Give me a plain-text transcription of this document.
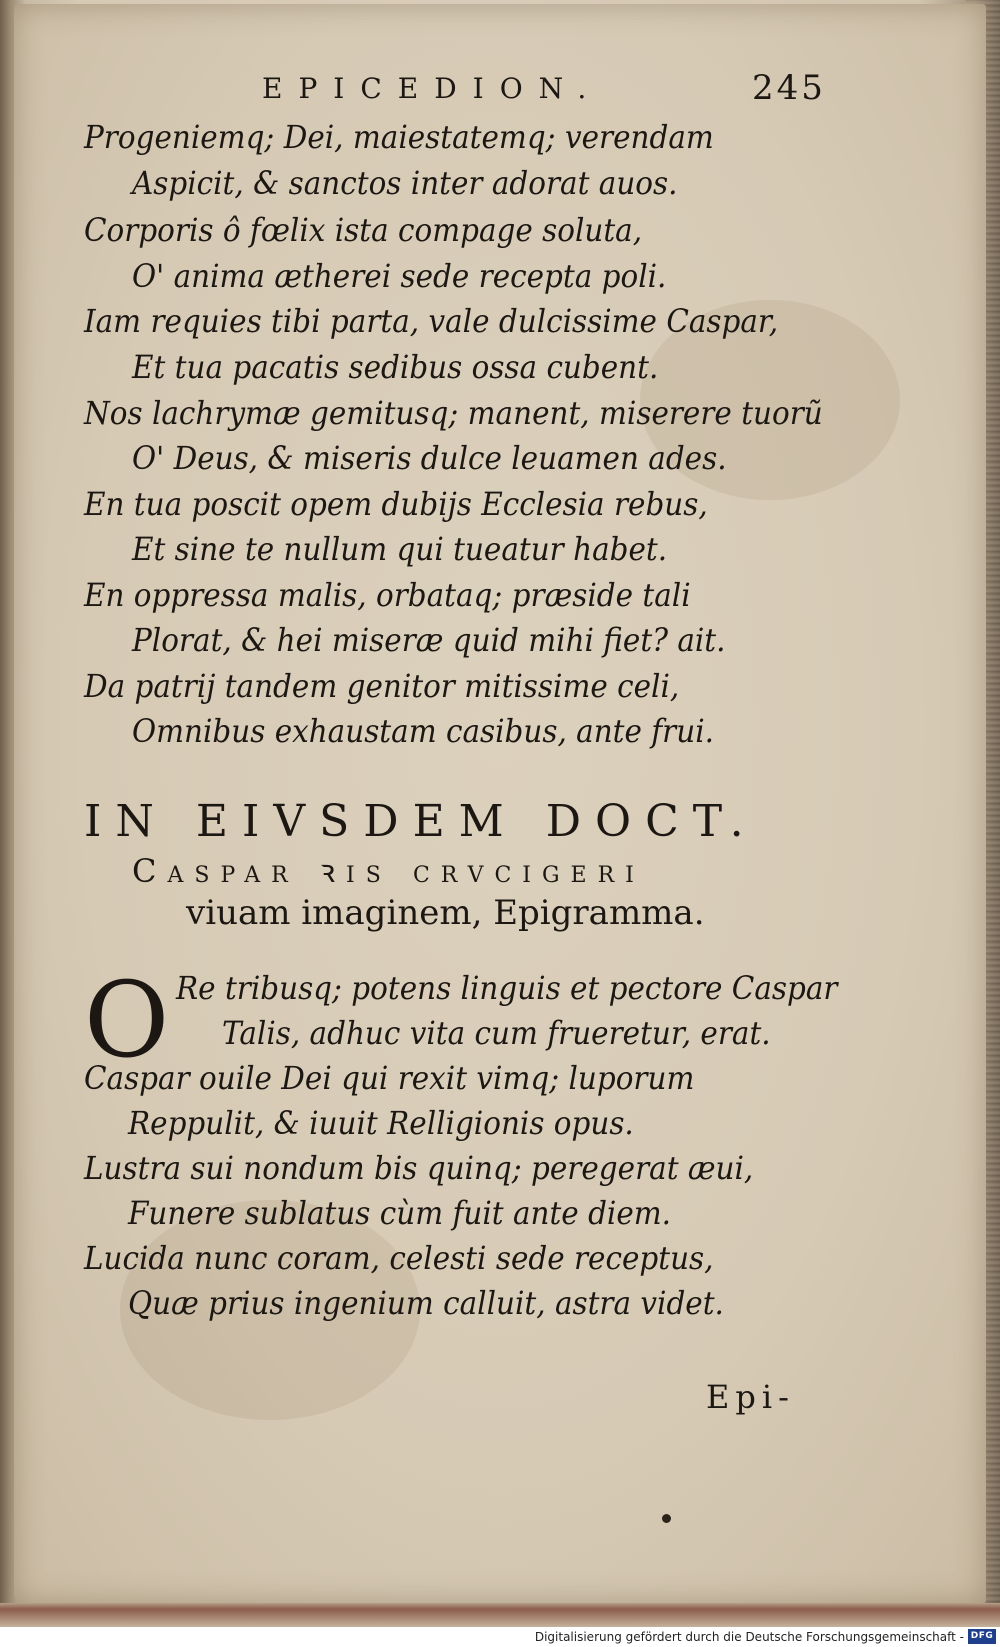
EPICEDION.	245
Progeniemq; Dei, maiestatemq; verendam
Aspicit, & sanctos inter adorat auos.
Corporis ô fœlix ista compage soluta,
O' anima ætherei sede recepta poli.
Iam requies tibi parta, vale dulcissime Caspar,
Et tua pacatis sedibus ossa cubent.
Nos lachrymæ gemitusq; manent, miserere tuorũ
O' Deus, & miseris dulce leuamen ades.
En tua poscit opem dubijs Ecclesia rebus,
Et sine te nullum qui tueatur habet.
En oppressa malis, orbataq; præside tali
Plorat, & hei miseræ quid mihi fiet? ait.
Da patrij tandem genitor mitissime celi,
Omnibus exhaustam casibus, ante frui.
IN EIVSDEM DOCT.
Caspar ꝛis crvcigeri
viuam imaginem, Epigramma.
O Re tribusq; potens linguis et pectore Caspar
Talis, adhuc vita cum frueretur, erat.
Caspar ouile Dei qui rexit vimq; luporum
Reppulit, & iuuit Relligionis opus.
Lustra sui nondum bis quinq; peregerat æui,
Funere sublatus cùm fuit ante diem.
Lucida nunc coram, celesti sede receptus,
Quæ prius ingenium calluit, astra videt.
Epi-
Digitalisierung gefördert durch die Deutsche Forschungsgemeinschaft - DFG
